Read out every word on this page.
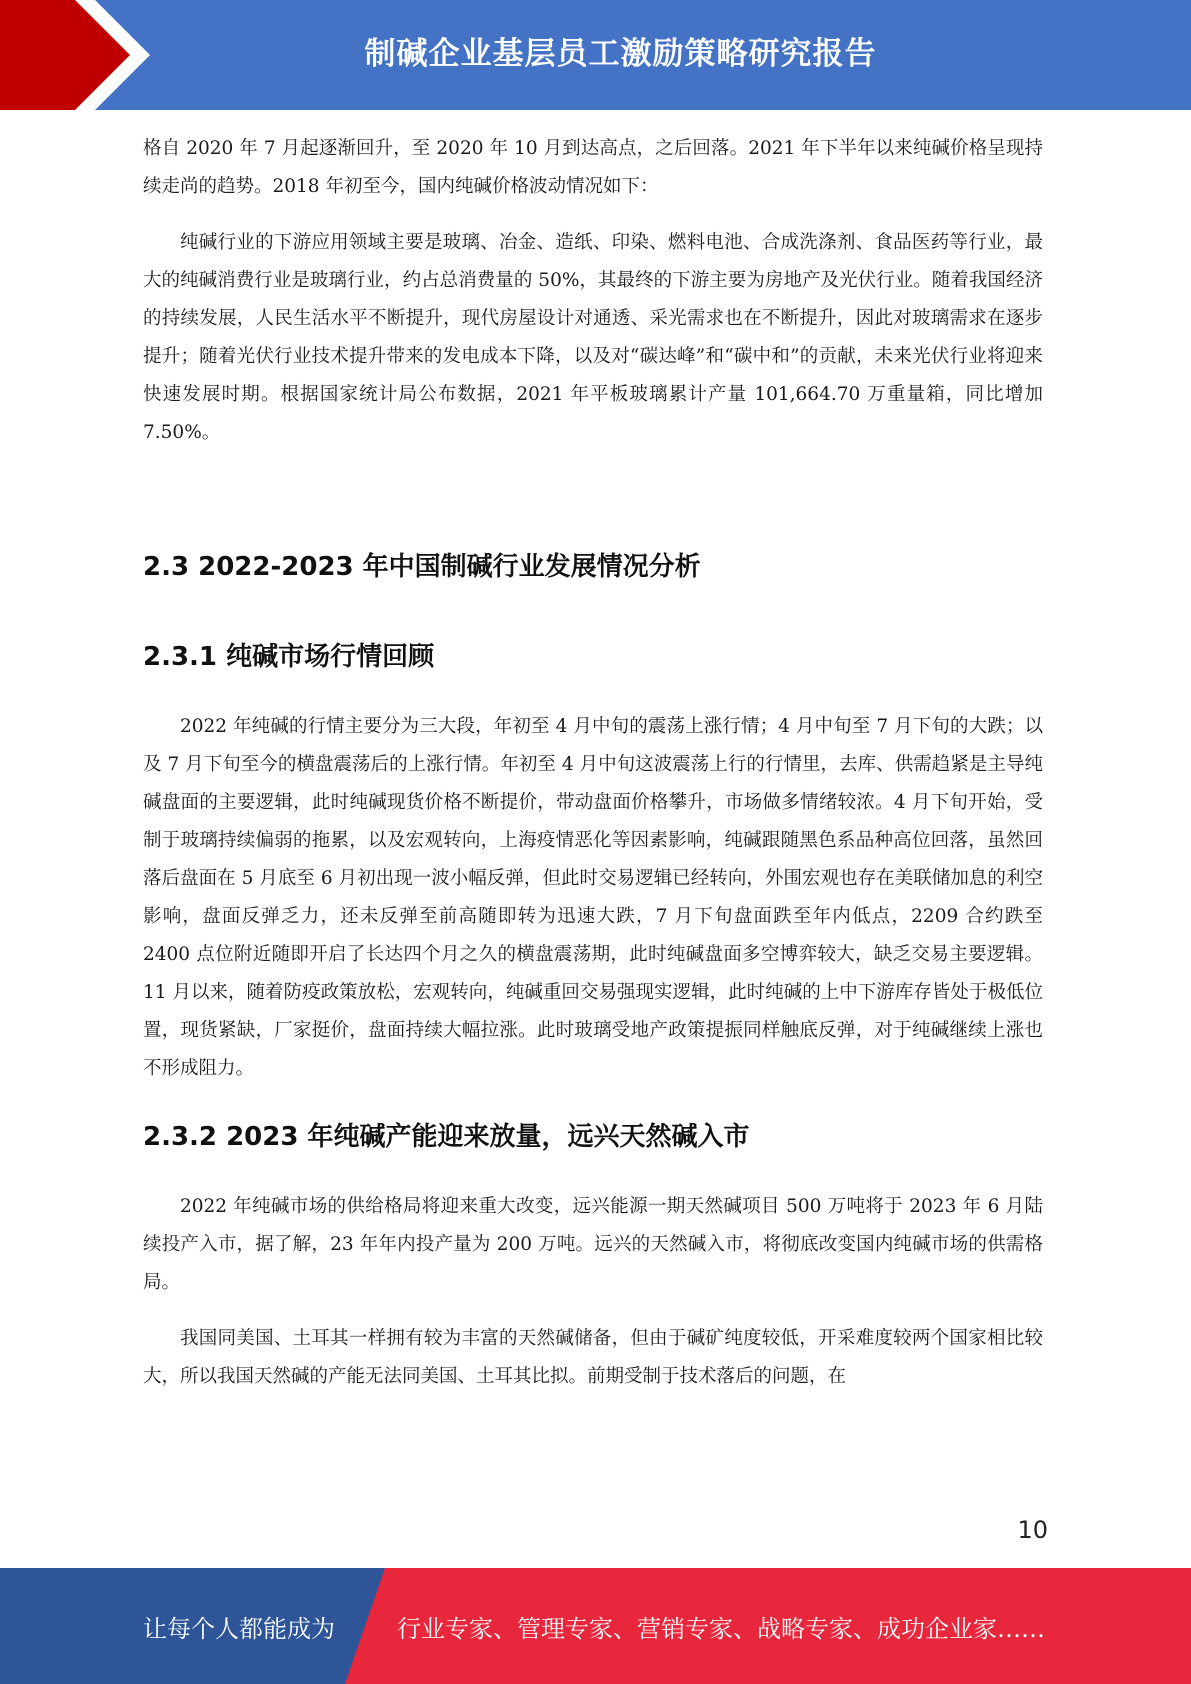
制碱企业基层员工激励策略研究报告

格自 2020 年 7 月起逐渐回升，至 2020 年 10 月到达高点，之后回落。2021 年下半年以来纯碱价格呈现持续走尚的趋势。2018 年初至今，国内纯碱价格波动情况如下：

纯碱行业的下游应用领域主要是玻璃、冶金、造纸、印染、燃料电池、合成洗涤剂、食品医药等行业，最大的纯碱消费行业是玻璃行业，约占总消费量的 50%，其最终的下游主要为房地产及光伏行业。随着我国经济的持续发展，人民生活水平不断提升，现代房屋设计对通透、采光需求也在不断提升，因此对玻璃需求在逐步提升；随着光伏行业技术提升带来的发电成本下降，以及对“碳达峰”和“碳中和”的贡献，未来光伏行业将迎来快速发展时期。根据国家统计局公布数据，2021 年平板玻璃累计产量 101,664.70 万重量箱，同比增加 7.50%。

2.3 2022-2023 年中国制碱行业发展情况分析
2.3.1 纯碱市场行情回顾

2022 年纯碱的行情主要分为三大段，年初至 4 月中旬的震荡上涨行情；4 月中旬至 7 月下旬的大跌；以及 7 月下旬至今的横盘震荡后的上涨行情。年初至 4 月中旬这波震荡上行的行情里，去库、供需趋紧是主导纯碱盘面的主要逻辑，此时纯碱现货价格不断提价，带动盘面价格攀升，市场做多情绪较浓。4 月下旬开始，受制于玻璃持续偏弱的拖累，以及宏观转向，上海疫情恶化等因素影响，纯碱跟随黑色系品种高位回落，虽然回落后盘面在 5 月底至 6 月初出现一波小幅反弹，但此时交易逻辑已经转向，外围宏观也存在美联储加息的利空影响，盘面反弹乏力，还未反弹至前高随即转为迅速大跌，7 月下旬盘面跌至年内低点，2209 合约跌至 2400 点位附近随即开启了长达四个月之久的横盘震荡期，此时纯碱盘面多空博弈较大，缺乏交易主要逻辑。11 月以来，随着防疫政策放松，宏观转向，纯碱重回交易强现实逻辑，此时纯碱的上中下游库存皆处于极低位置，现货紧缺，厂家挺价，盘面持续大幅拉涨。此时玻璃受地产政策提振同样触底反弹，对于纯碱继续上涨也不形成阻力。

2.3.2 2023 年纯碱产能迎来放量，远兴天然碱入市

2022 年纯碱市场的供给格局将迎来重大改变，远兴能源一期天然碱项目 500 万吨将于 2023 年 6 月陆续投产入市，据了解，23 年年内投产量为 200 万吨。远兴的天然碱入市，将彻底改变国内纯碱市场的供需格局。

我国同美国、土耳其一样拥有较为丰富的天然碱储备，但由于碱矿纯度较低，开采难度较两个国家相比较大，所以我国天然碱的产能无法同美国、土耳其比拟。前期受制于技术落后的问题，在

10
让每个人都能成为	行业专家、管理专家、营销专家、战略专家、成功企业家……
